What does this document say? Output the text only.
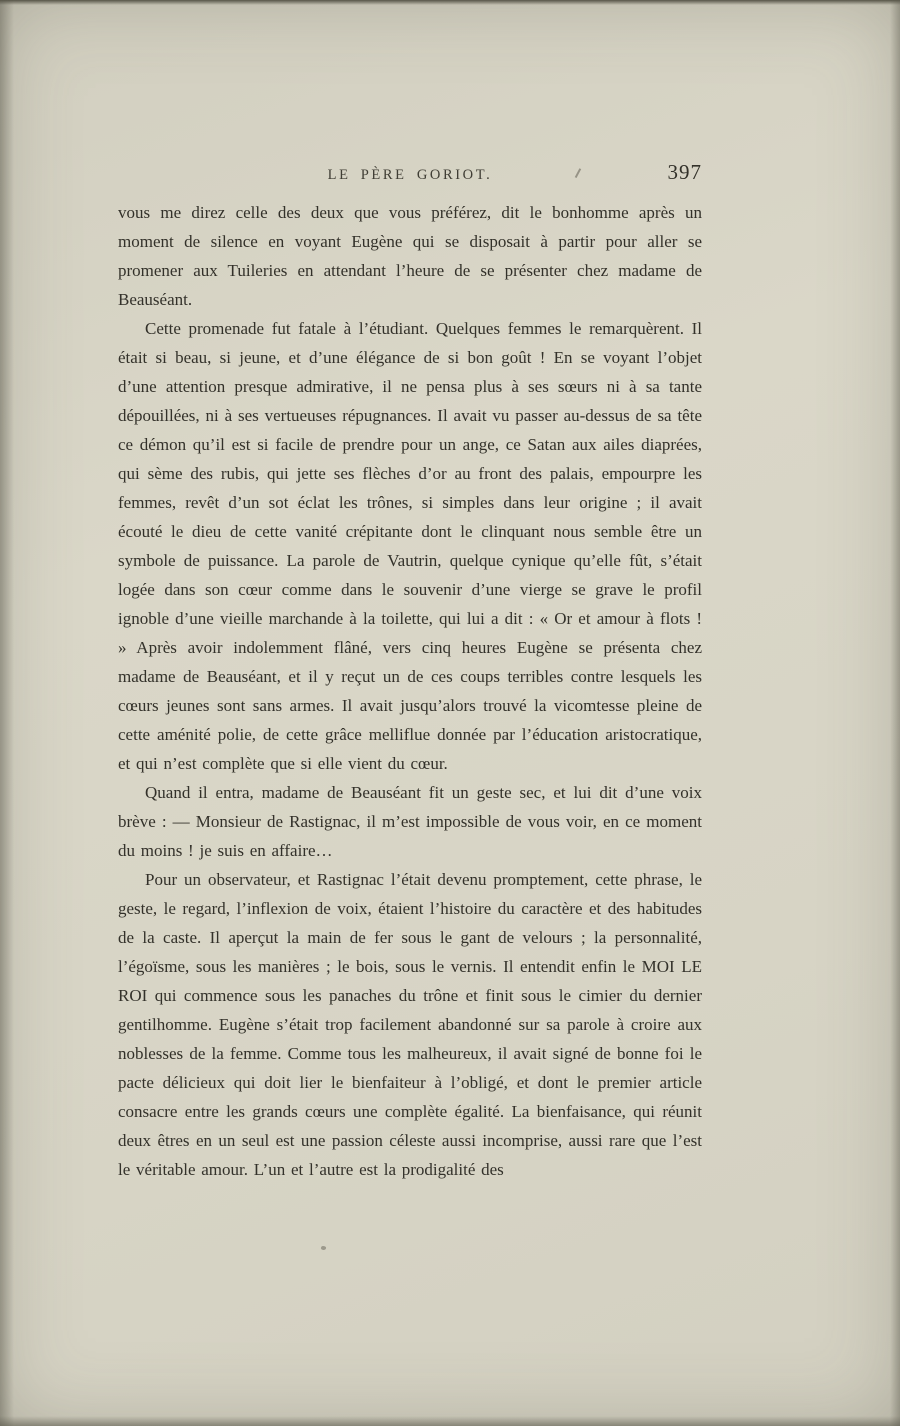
LE PÈRE GORIOT.	397

vous me direz celle des deux que vous préférez, dit le bonhomme après un moment de silence en voyant Eugène qui se disposait à partir pour aller se promener aux Tuileries en attendant l’heure de se présenter chez madame de Beauséant.

Cette promenade fut fatale à l’étudiant. Quelques femmes le remarquèrent. Il était si beau, si jeune, et d’une élégance de si bon goût ! En se voyant l’objet d’une attention presque admirative, il ne pensa plus à ses sœurs ni à sa tante dépouillées, ni à ses vertueuses répugnances. Il avait vu passer au-dessus de sa tête ce démon qu’il est si facile de prendre pour un ange, ce Satan aux ailes diaprées, qui sème des rubis, qui jette ses flèches d’or au front des palais, empourpre les femmes, revêt d’un sot éclat les trônes, si simples dans leur origine ; il avait écouté le dieu de cette vanité crépitante dont le clinquant nous semble être un symbole de puissance. La parole de Vautrin, quelque cynique qu’elle fût, s’était logée dans son cœur comme dans le souvenir d’une vierge se grave le profil ignoble d’une vieille marchande à la toilette, qui lui a dit : « Or et amour à flots ! » Après avoir indolemment flâné, vers cinq heures Eugène se présenta chez madame de Beauséant, et il y reçut un de ces coups terribles contre lesquels les cœurs jeunes sont sans armes. Il avait jusqu’alors trouvé la vicomtesse pleine de cette aménité polie, de cette grâce melliflue donnée par l’éducation aristocratique, et qui n’est complète que si elle vient du cœur.

Quand il entra, madame de Beauséant fit un geste sec, et lui dit d’une voix brève : — Monsieur de Rastignac, il m’est impossible de vous voir, en ce moment du moins ! je suis en affaire…

Pour un observateur, et Rastignac l’était devenu promptement, cette phrase, le geste, le regard, l’inflexion de voix, étaient l’histoire du caractère et des habitudes de la caste. Il aperçut la main de fer sous le gant de velours ; la personnalité, l’égoïsme, sous les manières ; le bois, sous le vernis. Il entendit enfin le MOI LE ROI qui commence sous les panaches du trône et finit sous le cimier du dernier gentilhomme. Eugène s’était trop facilement abandonné sur sa parole à croire aux noblesses de la femme. Comme tous les malheureux, il avait signé de bonne foi le pacte délicieux qui doit lier le bienfaiteur à l’obligé, et dont le premier article consacre entre les grands cœurs une complète égalité. La bienfaisance, qui réunit deux êtres en un seul est une passion céleste aussi incomprise, aussi rare que l’est le véritable amour. L’un et l’autre est la prodigalité des
